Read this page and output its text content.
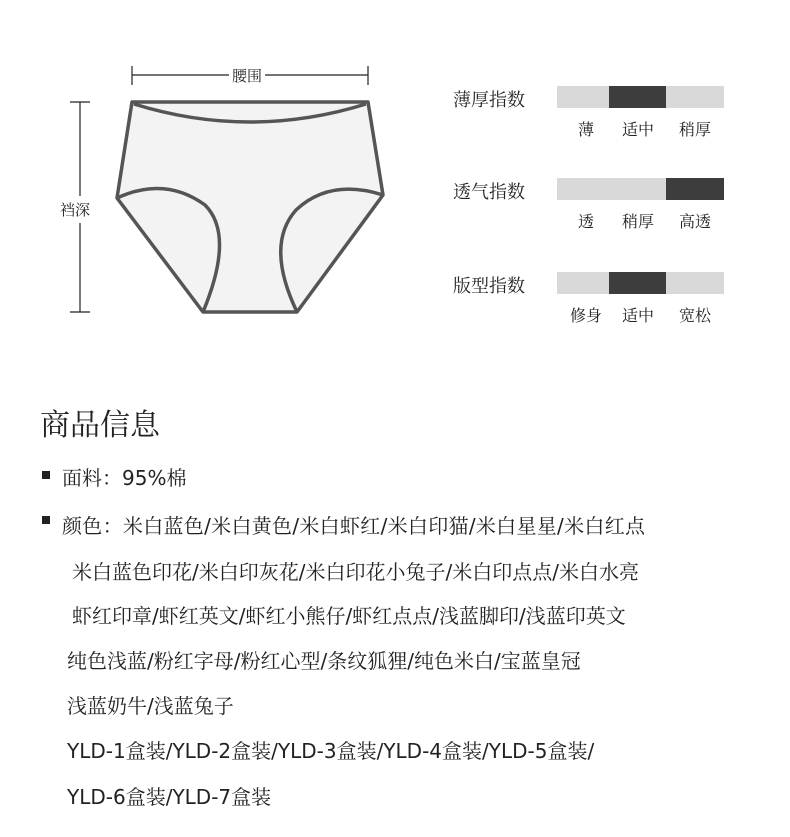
腰围
裆深
薄厚指数
薄	适中	稍厚
透气指数
透	稍厚	高透
版型指数
修身	适中	宽松
商品信息
面料：95%棉
颜色：米白蓝色/米白黄色/米白虾红/米白印猫/米白星星/米白红点
米白蓝色印花/米白印灰花/米白印花小兔子/米白印点点/米白水亮
虾红印章/虾红英文/虾红小熊仔/虾红点点/浅蓝脚印/浅蓝印英文
纯色浅蓝/粉红字母/粉红心型/条纹狐狸/纯色米白/宝蓝皇冠
浅蓝奶牛/浅蓝兔子
YLD-1盒装/YLD-2盒装/YLD-3盒装/YLD-4盒装/YLD-5盒装/
YLD-6盒装/YLD-7盒装
